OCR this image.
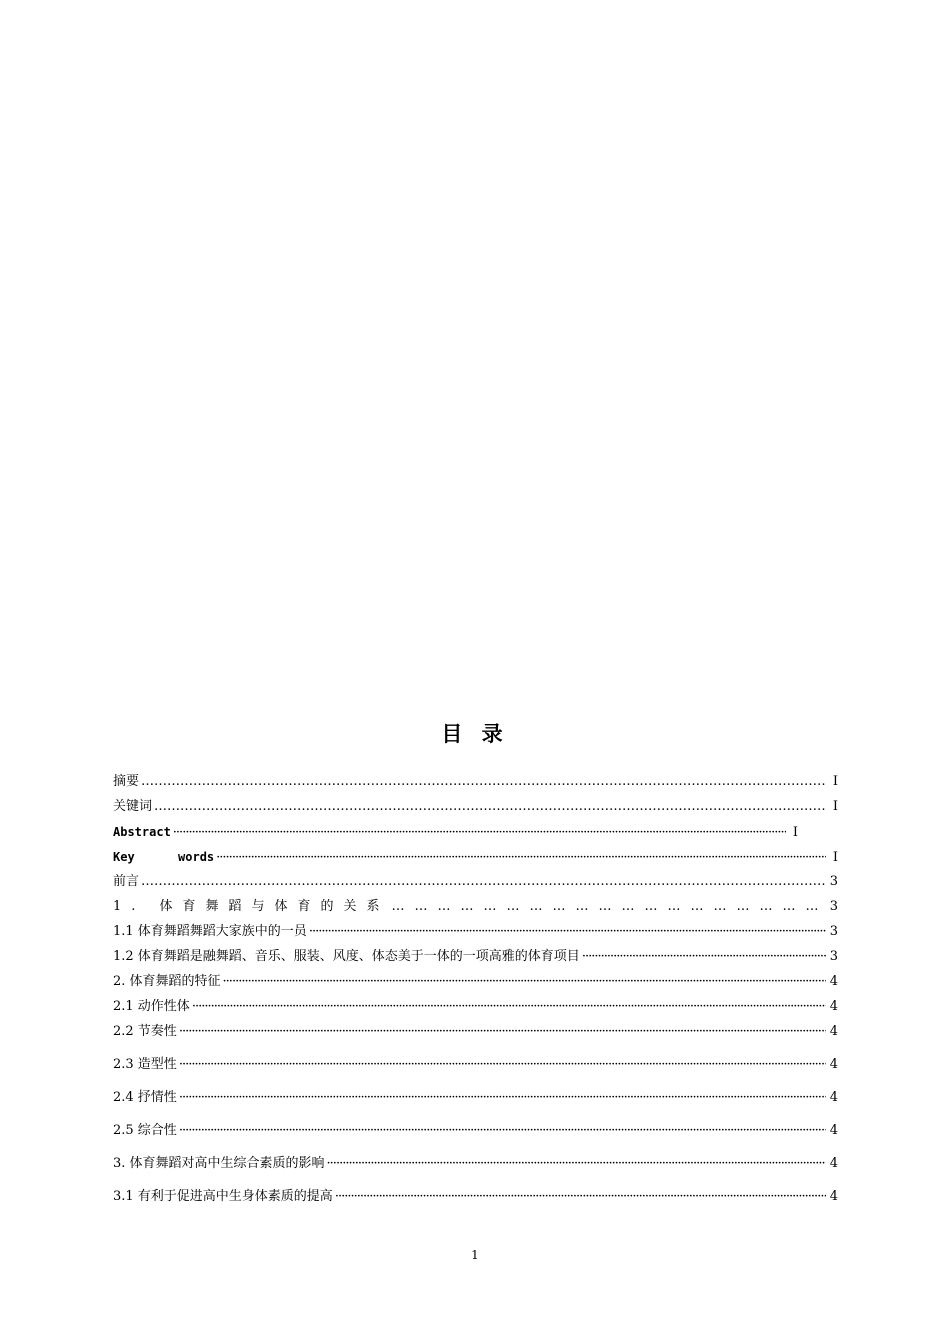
目 录
摘要 ……………………………………………………………………………………………………………………………………………………………………………………………………………………	I
关键词 ……………………………………………………………………………………………………………………………………………………………………………………………………………………	I
Abstract ·····	I
Key      words ·····	I
前言 ……………………………………………………………………………………………………………………………………………………………………………………………………………………	3
1. 体育舞蹈与体育的关系 ……………………………………………………………………………………………………………………………………………………………………………………………………………………	3
1.1 体育舞蹈舞蹈大家族中的一员 ·····	3
1.2 体育舞蹈是融舞蹈、音乐、服装、风度、体态美于一体的一项高雅的体育项目 ·····	3
2. 体育舞蹈的特征 ·····	4
2.1 动作性体 ·····	4
2.2 节奏性 ·····	4
2.3 造型性 ·····	4
2.4 抒情性 ·····	4
2.5 综合性 ·····	4
3. 体育舞蹈对高中生综合素质的影响 ·····	4
3.1 有利于促进高中生身体素质的提高 ·····	4
1
